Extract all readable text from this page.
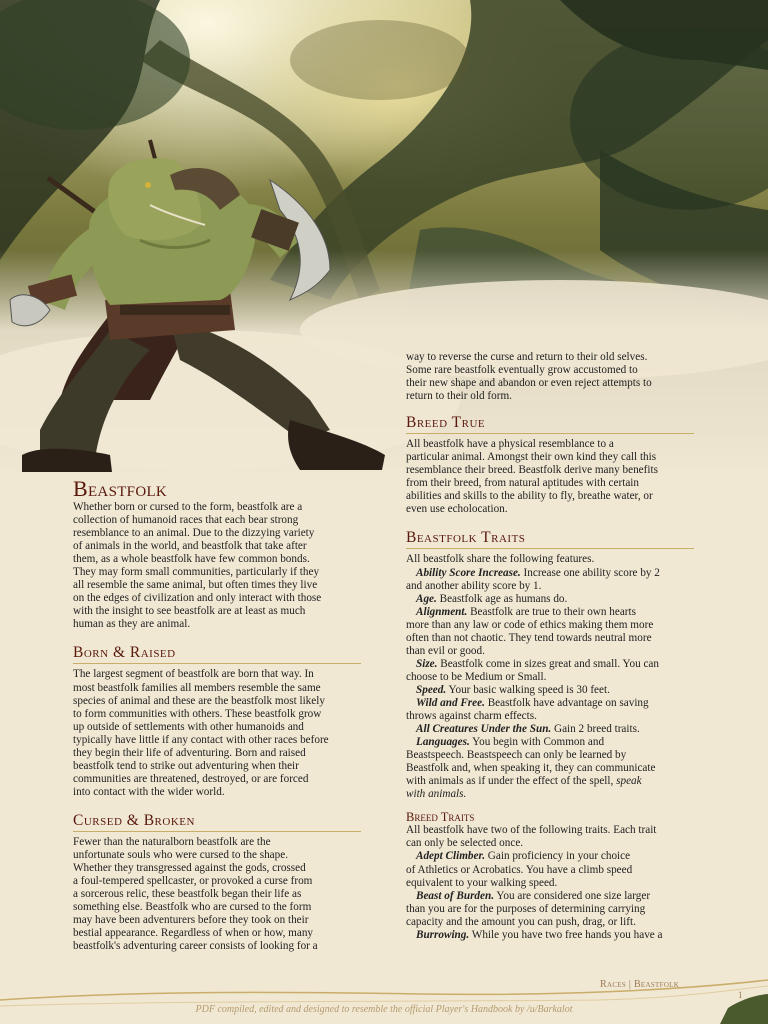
Beastfolk

Whether born or cursed to the form, beastfolk are a

collection of humanoid races that each bear strong

resemblance to an animal. Due to the dizzying variety

of animals in the world, and beastfolk that take after

them, as a whole beastfolk have few common bonds.

They may form small communities, particularly if they

all resemble the same animal, but often times they live

on the edges of civilization and only interact with those

with the insight to see beastfolk are at least as much

human as they are animal.

Born & Raised

The largest segment of beastfolk are born that way. In

most beastfolk families all members resemble the same

species of animal and these are the beastfolk most likely

to form communities with others. These beastfolk grow

up outside of settlements with other humanoids and

typically have little if any contact with other races before

they begin their life of adventuring. Born and raised

beastfolk tend to strike out adventuring when their

communities are threatened, destroyed, or are forced

into contact with the wider world.

Cursed & Broken

Fewer than the naturalborn beastfolk are the

unfortunate souls who were cursed to the shape.

Whether they transgressed against the gods, crossed

a foul-tempered spellcaster, or provoked a curse from

a sorcerous relic, these beastfolk began their life as

something else. Beastfolk who are cursed to the form

may have been adventurers before they took on their

bestial appearance. Regardless of when or how, many

beastfolk's adventuring career consists of looking for a

way to reverse the curse and return to their old selves.

Some rare beastfolk eventually grow accustomed to

their new shape and abandon or even reject attempts to

return to their old form.

Breed True

All beastfolk have a physical resemblance to a

particular animal. Amongst their own kind they call this

resemblance their breed. Beastfolk derive many benefits

from their breed, from natural aptitudes with certain

abilities and skills to the ability to fly, breathe water, or

even use echolocation.

Beastfolk Traits

All beastfolk share the following features.

Ability Score Increase. Increase one ability score by 2

and another ability score by 1.

Age. Beastfolk age as humans do.

Alignment. Beastfolk are true to their own hearts

more than any law or code of ethics making them more

often than not chaotic. They tend towards neutral more

than evil or good.

Size. Beastfolk come in sizes great and small. You can

choose to be Medium or Small.

Speed. Your basic walking speed is 30 feet.

Wild and Free. Beastfolk have advantage on saving

throws against charm effects.

All Creatures Under the Sun. Gain 2 breed traits.

Languages. You begin with Common and

Beastspeech. Beastspeech can only be learned by

Beastfolk and, when speaking it, they can communicate

with animals as if under the effect of the spell, speak

with animals.

Breed Traits

All beastfolk have two of the following traits. Each trait

can only be selected once.

Adept Climber. Gain proficiency in your choice

of Athletics or Acrobatics. You have a climb speed

equivalent to your walking speed.

Beast of Burden. You are considered one size larger

than you are for the purposes of determining carrying

capacity and the amount you can push, drag, or lift.

Burrowing. While you have two free hands you have a

Races | Beastfolk
1
PDF compiled, edited and designed to resemble the official Player's Handbook by /u/Barkalot
